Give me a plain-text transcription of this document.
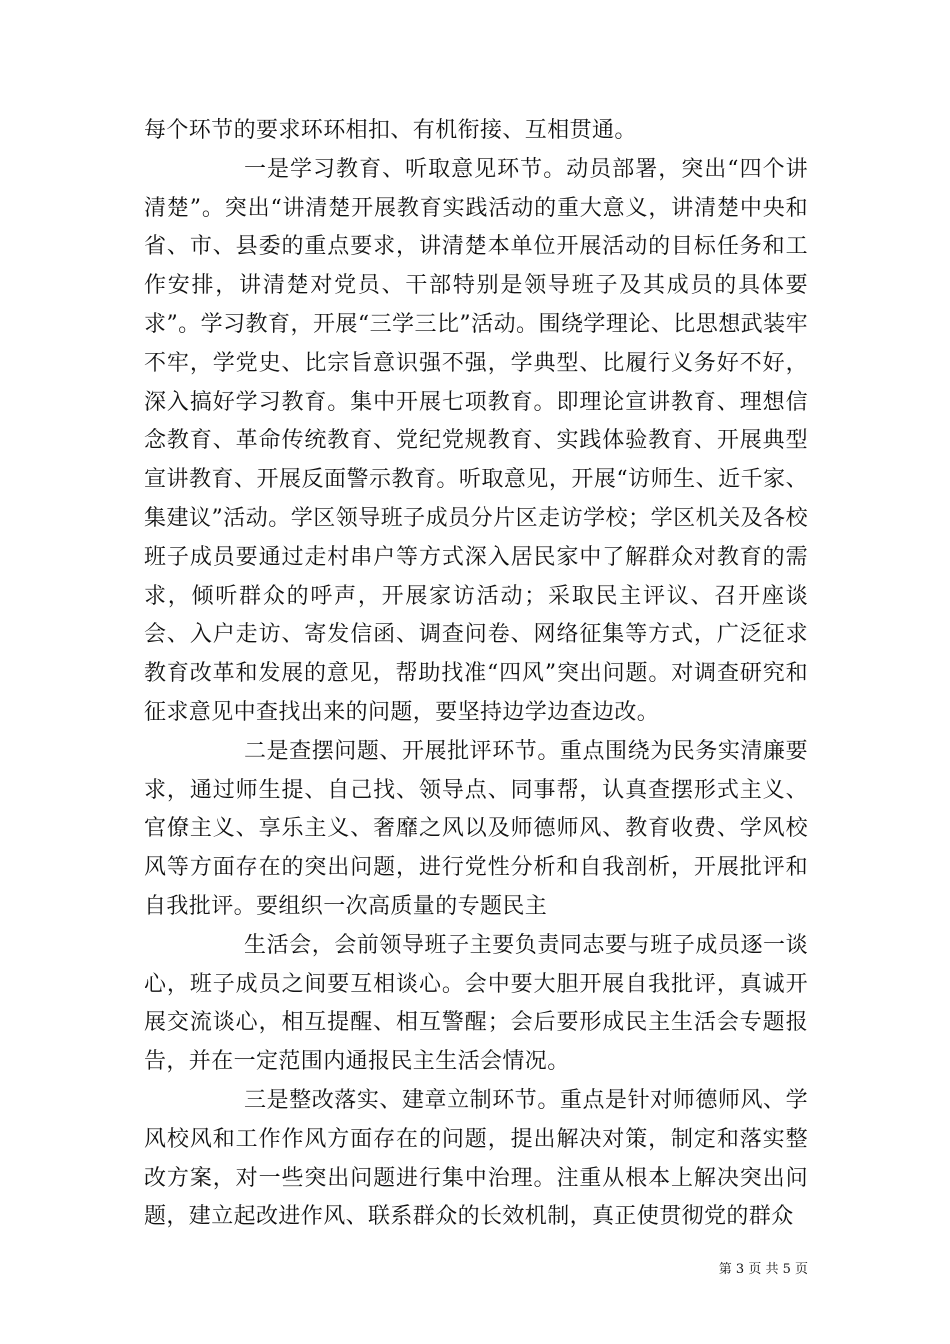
每个环节的要求环环相扣、有机衔接、互相贯通。

一是学习教育、听取意见环节。动员部署，突出“四个讲清楚”。突出“讲清楚开展教育实践活动的重大意义，讲清楚中央和省、市、县委的重点要求，讲清楚本单位开展活动的目标任务和工作安排，讲清楚对党员、干部特别是领导班子及其成员的具体要求”。学习教育，开展“三学三比”活动。围绕学理论、比思想武装牢不牢，学党史、比宗旨意识强不强，学典型、比履行义务好不好，深入搞好学习教育。集中开展七项教育。即理论宣讲教育、理想信念教育、革命传统教育、党纪党规教育、实践体验教育、开展典型宣讲教育、开展反面警示教育。听取意见，开展“访师生、近千家、集建议”活动。学区领导班子成员分片区走访学校；学区机关及各校班子成员要通过走村串户等方式深入居民家中了解群众对教育的需求，倾听群众的呼声，开展家访活动；采取民主评议、召开座谈会、入户走访、寄发信函、调查问卷、网络征集等方式，广泛征求教育改革和发展的意见，帮助找准“四风”突出问题。对调查研究和征求意见中查找出来的问题，要坚持边学边查边改。

二是查摆问题、开展批评环节。重点围绕为民务实清廉要求，通过师生提、自己找、领导点、同事帮，认真查摆形式主义、官僚主义、享乐主义、奢靡之风以及师德师风、教育收费、学风校风等方面存在的突出问题，进行党性分析和自我剖析，开展批评和自我批评。要组织一次高质量的专题民主

生活会，会前领导班子主要负责同志要与班子成员逐一谈心，班子成员之间要互相谈心。会中要大胆开展自我批评，真诚开展交流谈心，相互提醒、相互警醒；会后要形成民主生活会专题报告，并在一定范围内通报民主生活会情况。

三是整改落实、建章立制环节。重点是针对师德师风、学风校风和工作作风方面存在的问题，提出解决对策，制定和落实整改方案，对一些突出问题进行集中治理。注重从根本上解决突出问题，建立起改进作风、联系群众的长效机制，真正使贯彻党的群众

第 3 页 共 5 页
